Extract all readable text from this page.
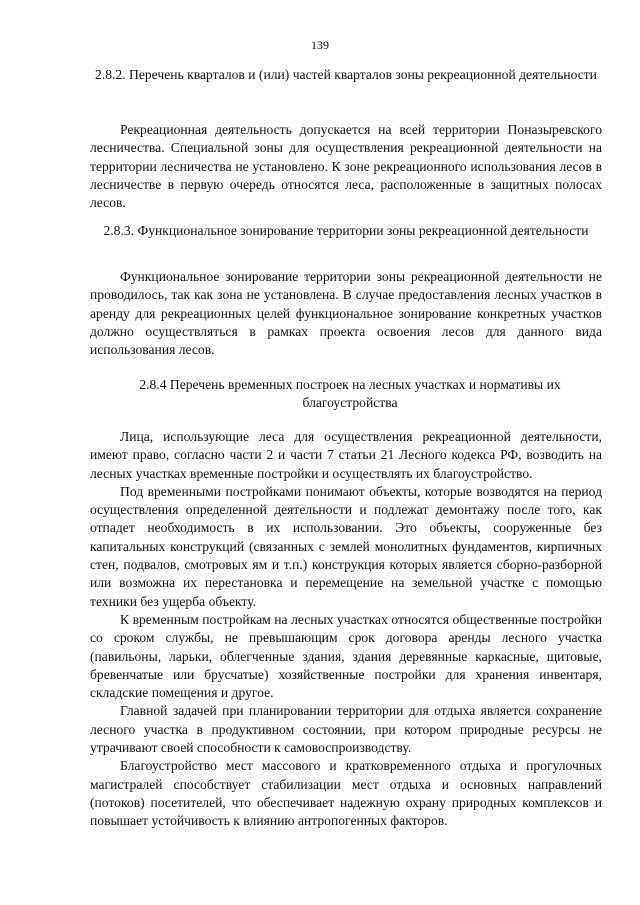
139
2.8.2. Перечень кварталов и (или) частей кварталов зоны рекреационной деятельности

Рекреационная деятельность допускается на всей территории Поназыревского лесничества. Специальной зоны для осуществления рекреационной деятельности на территории лесничества не установлено. К зоне рекреационного использования лесов в лесничестве в первую очередь относятся леса, расположенные в защитных полосах лесов.

2.8.3. Функциональное зонирование территории зоны рекреационной деятельности

Функциональное зонирование территории зоны рекреационной деятельности не проводилось, так как зона не установлена. В случае предоставления лесных участков в аренду для рекреационных целей функциональное зонирование конкретных участков должно осуществляться в рамках проекта освоения лесов для данного вида использования лесов.

2.8.4 Перечень временных построек на лесных участках и нормативы их благоустройства

Лица, использующие леса для осуществления рекреационной деятельности, имеют право, согласно части 2 и части 7 статьи 21 Лесного кодекса РФ, возводить на лесных участках временные постройки и осуществлять их благоустройство.

Под временными постройками понимают объекты, которые возводятся на период осуществления определенной деятельности и подлежат демонтажу после того, как отпадет необходимость в их использовании. Это объекты, сооруженные без капитальных конструкций (связанных с землей монолитных фундаментов, кирпичных стен, подвалов, смотровых ям и т.п.) конструкция которых является сборно-разборной или возможна их перестановка и перемещение на земельной участке с помощью техники без ущерба объекту.

К временным постройкам на лесных участках относятся общественные постройки со сроком службы, не превышающим срок договора аренды лесного участка (павильоны, ларьки, облегченные здания, здания деревянные каркасные, щитовые, бревенчатые или брусчатые) хозяйственные постройки для хранения инвентаря, складские помещения и другое.

Главной задачей при планировании территории для отдыха является сохранение лесного участка в продуктивном состоянии, при котором природные ресурсы не утрачивают своей способности к самовоспроизводству.

Благоустройство мест массового и кратковременного отдыха и прогулочных магистралей способствует стабилизации мест отдыха и основных направлений (потоков) посетителей, что обеспечивает надежную охрану природных комплексов и повышает устойчивость к влиянию антропогенных факторов.
